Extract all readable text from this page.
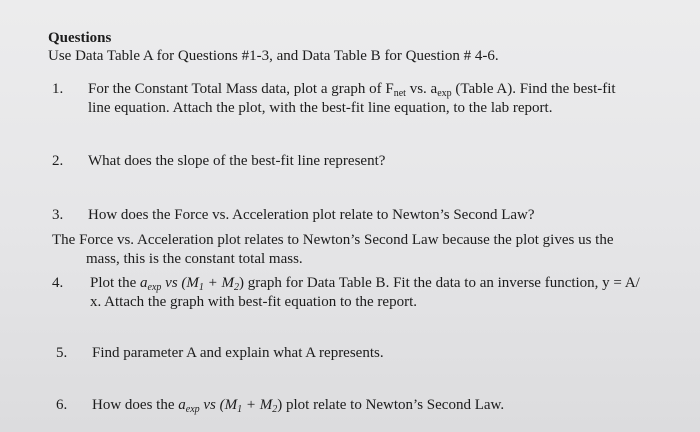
Questions
Use Data Table A for Questions #1-3, and Data Table B for Question # 4-6.
1. For the Constant Total Mass data, plot a graph of $F_{net}$ vs. $a_{exp}$ (Table A). Find the best-fit
line equation. Attach the plot, with the best-fit line equation, to the lab report.
2. What does the slope of the best-fit line represent?
3. How does the Force vs. Acceleration plot relate to Newton’s Second Law?
The Force vs. Acceleration plot relates to Newton’s Second Law because the plot gives us the
mass, this is the constant total mass.
4. Plot the $a_{exp}$ vs $(M_1 + M_2)$ graph for Data Table B. Fit the data to an inverse function, y = A/
x. Attach the graph with best-fit equation to the report.
5. Find parameter A and explain what A represents.
6. How does the $a_{exp}$ vs $(M_1 + M_2)$ plot relate to Newton’s Second Law.
